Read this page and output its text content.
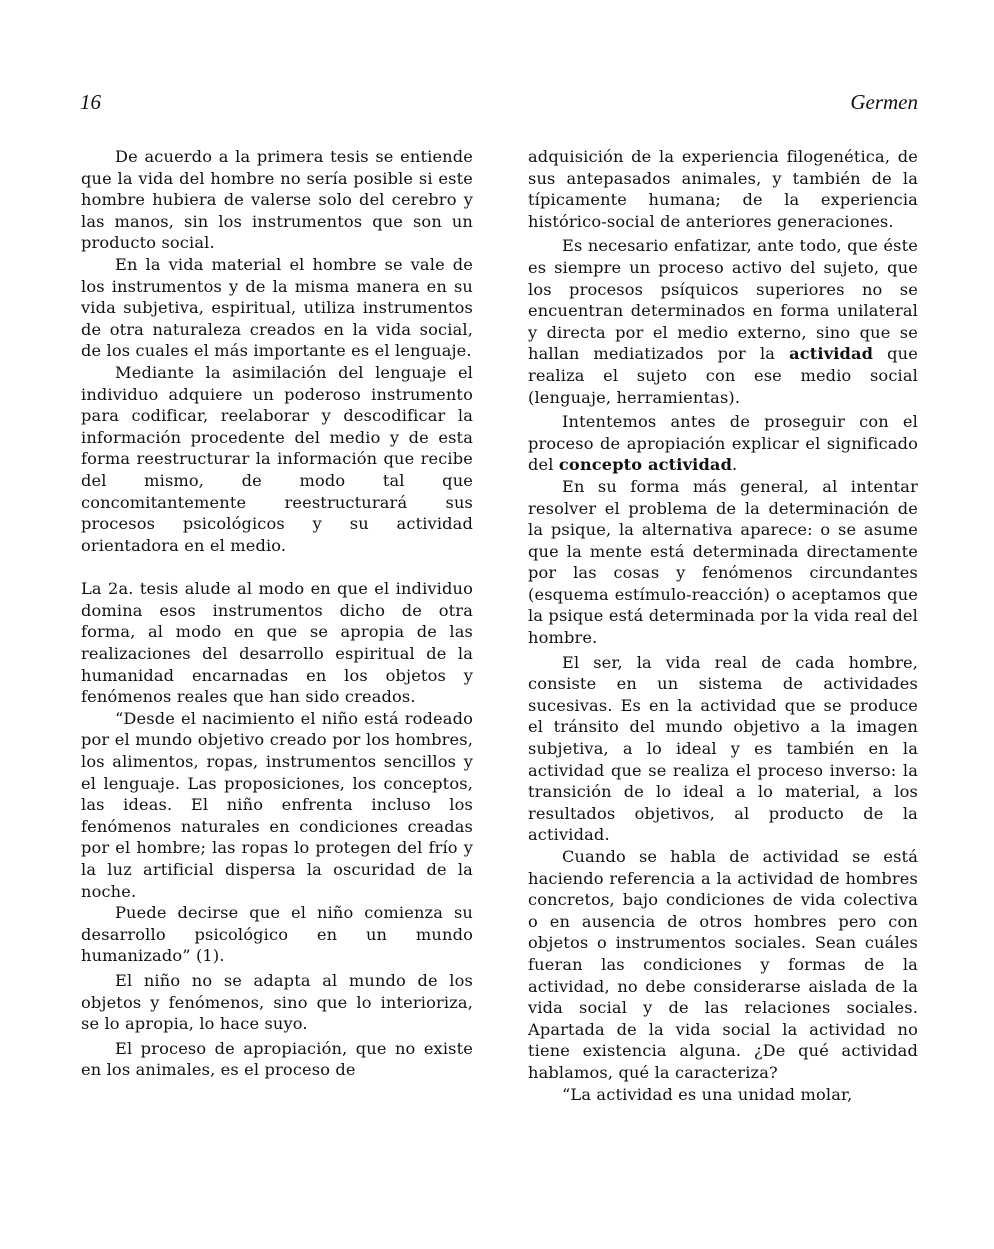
16	Germen

De acuerdo a la primera tesis se entiende que la vida del hombre no sería posible si este hombre hubiera de valerse solo del cerebro y las manos, sin los instrumentos que son un producto social.

En la vida material el hombre se vale de los instrumentos y de la misma manera en su vida subjetiva, espiritual, utiliza instrumentos de otra naturaleza creados en la vida social, de los cuales el más importante es el lenguaje.

Mediante la asimilación del lenguaje el individuo adquiere un poderoso instrumento para codificar, reelaborar y descodificar la información procedente del medio y de esta forma reestructurar la información que recibe del mismo, de modo tal que concomitantemente reestructurará sus procesos psicológicos y su actividad orientadora en el medio.

La 2a. tesis alude al modo en que el individuo domina esos instrumentos dicho de otra forma, al modo en que se apropia de las realizaciones del desarrollo espiritual de la humanidad encarnadas en los objetos y fenómenos reales que han sido creados.

“Desde el nacimiento el niño está rodeado por el mundo objetivo creado por los hombres, los alimentos, ropas, instrumentos sencillos y el lenguaje. Las proposiciones, los conceptos, las ideas. El niño enfrenta incluso los fenómenos naturales en condiciones creadas por el hombre; las ropas lo protegen del frío y la luz artificial dispersa la oscuridad de la noche.

Puede decirse que el niño comienza su desarrollo psicológico en un mundo humanizado” (1).

El niño no se adapta al mundo de los objetos y fenómenos, sino que lo interioriza, se lo apropia, lo hace suyo.

El proceso de apropiación, que no existe en los animales, es el proceso de

adquisición de la experiencia filogenética, de sus antepasados animales, y también de la típicamente humana; de la experiencia histórico-social de anteriores generaciones.

Es necesario enfatizar, ante todo, que éste es siempre un proceso activo del sujeto, que los procesos psíquicos superiores no se encuentran determinados en forma unilateral y directa por el medio externo, sino que se hallan mediatizados por la actividad que realiza el sujeto con ese medio social (lenguaje, herramientas).

Intentemos antes de proseguir con el proceso de apropiación explicar el significado del concepto actividad.

En su forma más general, al intentar resolver el problema de la determinación de la psique, la alternativa aparece: o se asume que la mente está determinada directamente por las cosas y fenómenos circundantes (esquema estímulo-reacción) o aceptamos que la psique está determinada por la vida real del hombre.

El ser, la vida real de cada hombre, consiste en un sistema de actividades sucesivas. Es en la actividad que se produce el tránsito del mundo objetivo a la imagen subjetiva, a lo ideal y es también en la actividad que se realiza el proceso inverso: la transición de lo ideal a lo material, a los resultados objetivos, al producto de la actividad.

Cuando se habla de actividad se está haciendo referencia a la actividad de hombres concretos, bajo condiciones de vida colectiva o en ausencia de otros hombres pero con objetos o instrumentos sociales. Sean cuáles fueran las condiciones y formas de la actividad, no debe considerarse aislada de la vida social y de las relaciones sociales. Apartada de la vida social la actividad no tiene existencia alguna. ¿De qué actividad hablamos, qué la caracteriza?

“La actividad es una unidad molar,
